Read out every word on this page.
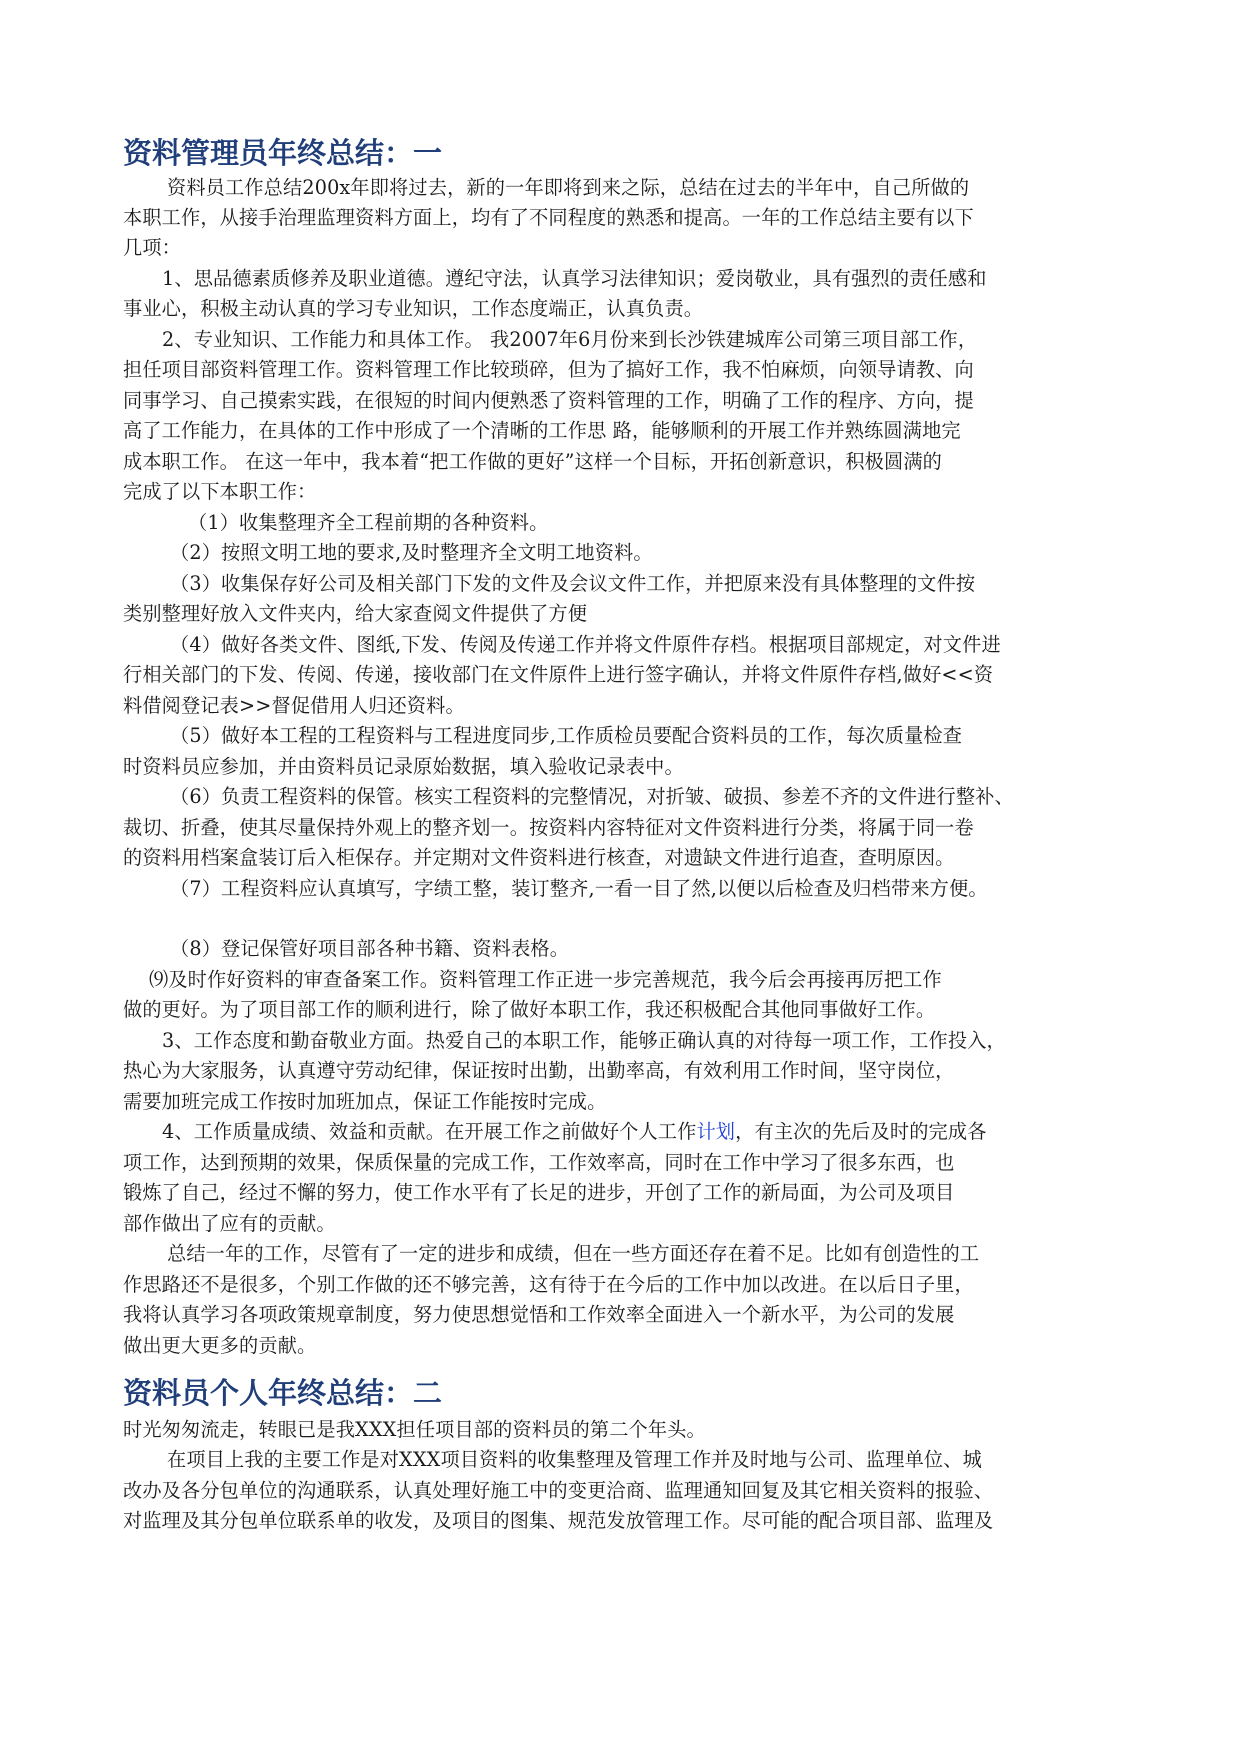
资料管理员年终总结：一
资料员工作总结200x年即将过去，新的一年即将到来之际，总结在过去的半年中，自己所做的
本职工作，从接手治理监理资料方面上，均有了不同程度的熟悉和提高。一年的工作总结主要有以下
几项：
1、思品德素质修养及职业道德。遵纪守法，认真学习法律知识；爱岗敬业，具有强烈的责任感和
事业心，积极主动认真的学习专业知识，工作态度端正，认真负责。
2、专业知识、工作能力和具体工作。 我2007年6月份来到长沙铁建城库公司第三项目部工作，
担任项目部资料管理工作。资料管理工作比较琐碎，但为了搞好工作，我不怕麻烦，向领导请教、向
同事学习、自己摸索实践，在很短的时间内便熟悉了资料管理的工作，明确了工作的程序、方向，提
高了工作能力，在具体的工作中形成了一个清晰的工作思 路，能够顺利的开展工作并熟练圆满地完
成本职工作。 在这一年中，我本着“把工作做的更好”这样一个目标，开拓创新意识，积极圆满的
完成了以下本职工作：
（1）收集整理齐全工程前期的各种资料。
（2）按照文明工地的要求,及时整理齐全文明工地资料。
（3）收集保存好公司及相关部门下发的文件及会议文件工作，并把原来没有具体整理的文件按
类别整理好放入文件夹内，给大家查阅文件提供了方便
（4）做好各类文件、图纸,下发、传阅及传递工作并将文件原件存档。根据项目部规定，对文件进
行相关部门的下发、传阅、传递，接收部门在文件原件上进行签字确认，并将文件原件存档,做好<<资
料借阅登记表>>督促借用人归还资料。
（5）做好本工程的工程资料与工程进度同步,工作质检员要配合资料员的工作，每次质量检查
时资料员应参加，并由资料员记录原始数据，填入验收记录表中。
（6）负责工程资料的保管。核实工程资料的完整情况，对折皱、破损、参差不齐的文件进行整补、
裁切、折叠，使其尽量保持外观上的整齐划一。按资料内容特征对文件资料进行分类，将属于同一卷
的资料用档案盒装订后入柜保存。并定期对文件资料进行核查，对遗缺文件进行追查，查明原因。
（7）工程资料应认真填写，字绩工整，装订整齐,一看一目了然,以便以后检查及归档带来方便。
（8）登记保管好项目部各种书籍、资料表格。
⑼及时作好资料的审查备案工作。资料管理工作正进一步完善规范，我今后会再接再厉把工作
做的更好。为了项目部工作的顺利进行，除了做好本职工作，我还积极配合其他同事做好工作。
3、工作态度和勤奋敬业方面。热爱自己的本职工作，能够正确认真的对待每一项工作，工作投入，
热心为大家服务，认真遵守劳动纪律，保证按时出勤，出勤率高，有效利用工作时间，坚守岗位，
需要加班完成工作按时加班加点，保证工作能按时完成。
4、工作质量成绩、效益和贡献。在开展工作之前做好个人工作计划，有主次的先后及时的完成各
项工作，达到预期的效果，保质保量的完成工作，工作效率高，同时在工作中学习了很多东西，也
锻炼了自己，经过不懈的努力，使工作水平有了长足的进步，开创了工作的新局面，为公司及项目
部作做出了应有的贡献。
总结一年的工作，尽管有了一定的进步和成绩，但在一些方面还存在着不足。比如有创造性的工
作思路还不是很多，个别工作做的还不够完善，这有待于在今后的工作中加以改进。在以后日子里，
我将认真学习各项政策规章制度，努力使思想觉悟和工作效率全面进入一个新水平，为公司的发展
做出更大更多的贡献。
资料员个人年终总结：二
时光匆匆流走，转眼已是我XXX担任项目部的资料员的第二个年头。
在项目上我的主要工作是对XXX项目资料的收集整理及管理工作并及时地与公司、监理单位、城
改办及各分包单位的沟通联系，认真处理好施工中的变更洽商、监理通知回复及其它相关资料的报验、
对监理及其分包单位联系单的收发，及项目的图集、规范发放管理工作。尽可能的配合项目部、监理及
